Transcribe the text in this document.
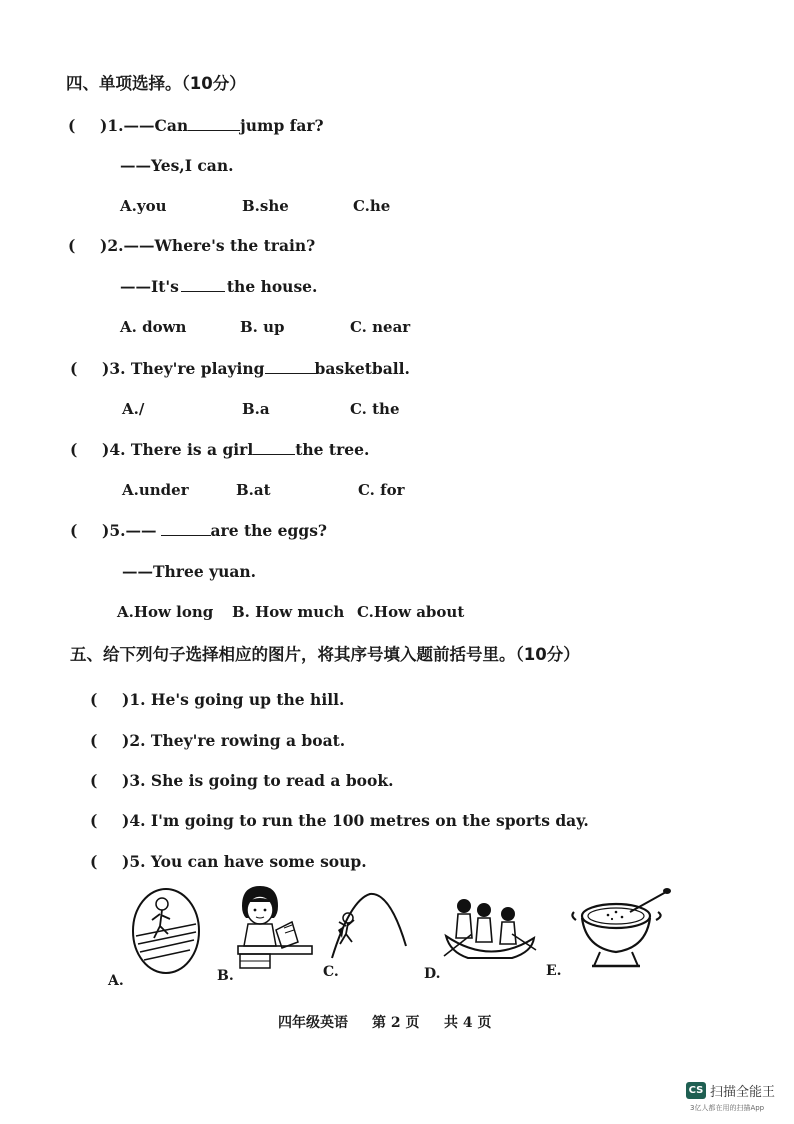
四、单项选择。（10分）
( )1.——Can	jump far?
——Yes,I can.
A.you	B.she	C.he
( )2.——Where's the train?
——It's	the house.
A. down	B. up	C. near
( )3. They're playing	basketball.
A./	B.a	C. the
( )4. There is a girl	the tree.
A.under	B.at	C. for
( )5.——	are the eggs?
——Three yuan.
A.How long B. How much C.How about
五、给下列句子选择相应的图片，将其序号填入题前括号里。（10分）
( )1. He's going up the hill.
( )2. They're rowing a boat.
( )3. She is going to read a book.
( )4. I'm going to run the 100 metres on the sports day.
( )5. You can have some soup.
A.	B.	C.	D.	E.
四年级英语 第 2 页 共 4 页
CS 扫描全能王
3亿人都在用的扫描App
